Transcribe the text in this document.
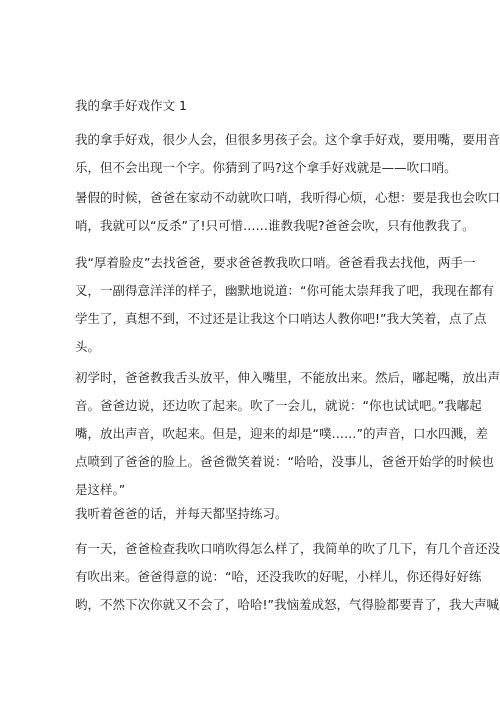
我的拿手好戏作文 1
我的拿手好戏，很少人会，但很多男孩子会。这个拿手好戏，要用嘴，要用音
乐，但不会出现一个字。你猜到了吗?这个拿手好戏就是——吹口哨。
暑假的时候，爸爸在家动不动就吹口哨，我听得心烦，心想：要是我也会吹口
哨，我就可以“反杀”了!只可惜……谁教我呢?爸爸会吹，只有他教我了。
我“厚着脸皮”去找爸爸，要求爸爸教我吹口哨。爸爸看我去找他，两手一
叉，一副得意洋洋的样子，幽默地说道：“你可能太崇拜我了吧，我现在都有
学生了，真想不到，不过还是让我这个口哨达人教你吧!”我大笑着，点了点
头。
初学时，爸爸教我舌头放平，伸入嘴里，不能放出来。然后，嘟起嘴，放出声
音。爸爸边说，还边吹了起来。吹了一会儿，就说：“你也试试吧。”我嘟起
嘴，放出声音，吹起来。但是，迎来的却是“噗……”的声音，口水四溅，差
点喷到了爸爸的脸上。爸爸微笑着说：“哈哈，没事儿，爸爸开始学的时候也
是这样。”
我听着爸爸的话，并每天都坚持练习。
有一天，爸爸检查我吹口哨吹得怎么样了，我简单的吹了几下，有几个音还没
有吹出来。爸爸得意的说：“哈，还没我吹的好呢，小样儿，你还得好好练
哟，不然下次你就又不会了，哈哈!”我恼羞成怒，气得脸都要青了，我大声喊
